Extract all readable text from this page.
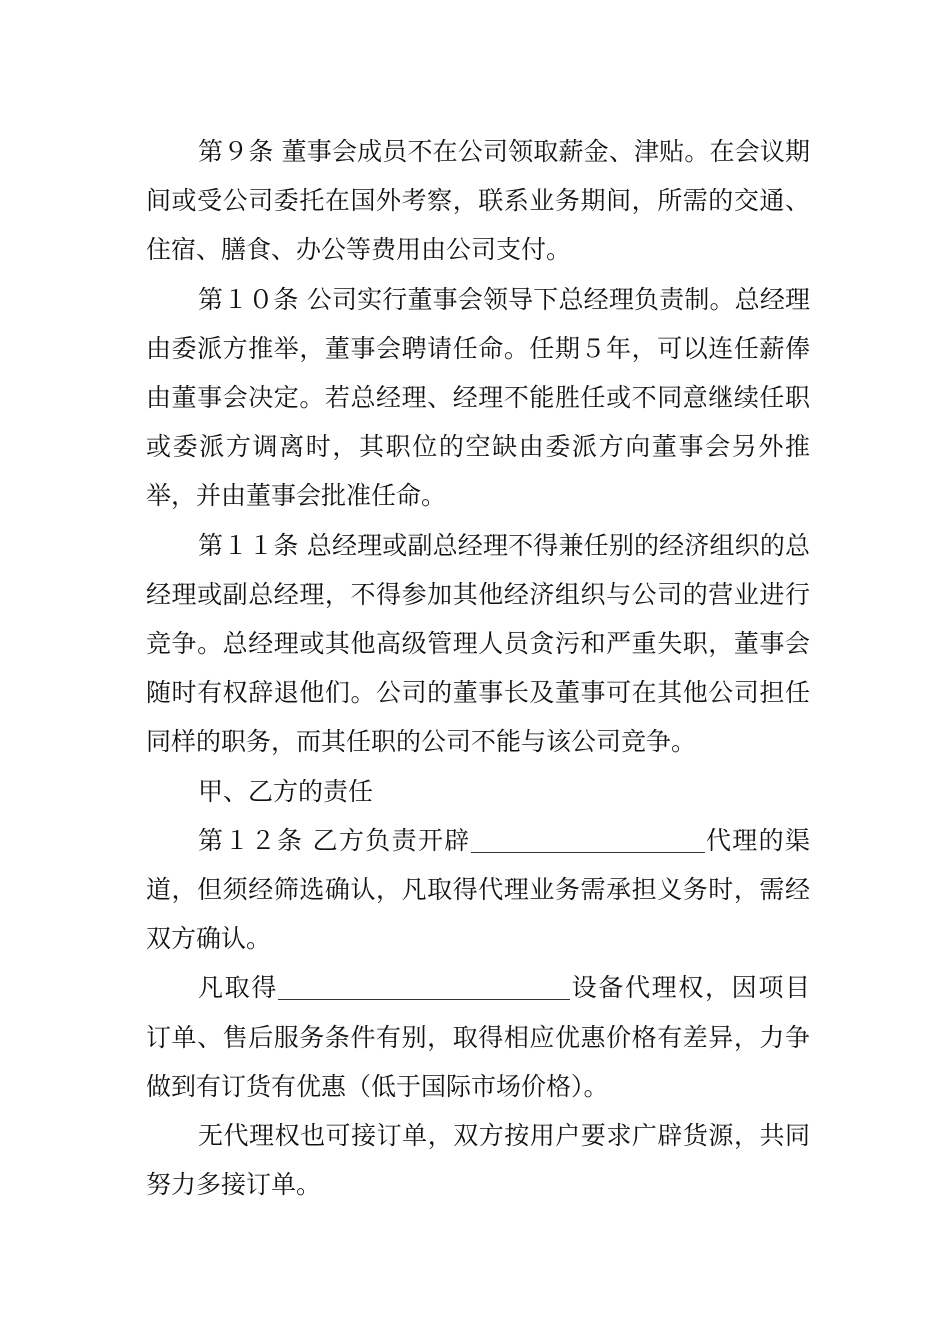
第９条 董事会成员不在公司领取薪金、津贴。在会议期间或受公司委托在国外考察，联系业务期间，所需的交通、住宿、膳食、办公等费用由公司支付。

第１０条 公司实行董事会领导下总经理负责制。总经理由委派方推举，董事会聘请任命。任期５年，可以连任薪俸由董事会决定。若总经理、经理不能胜任或不同意继续任职或委派方调离时，其职位的空缺由委派方向董事会另外推举，并由董事会批准任命。

第１１条 总经理或副总经理不得兼任别的经济组织的总经理或副总经理，不得参加其他经济组织与公司的营业进行竞争。总经理或其他高级管理人员贪污和严重失职，董事会随时有权辞退他们。公司的董事长及董事可在其他公司担任同样的职务，而其任职的公司不能与该公司竞争。

甲、乙方的责任

第１２条 乙方负责开辟	代理的渠道，但须经筛选确认，凡取得代理业务需承担义务时，需经双方确认。

凡取得	设备代理权，因项目订单、售后服务条件有别，取得相应优惠价格有差异，力争做到有订货有优惠（低于国际市场价格）。

无代理权也可接订单，双方按用户要求广辟货源，共同努力多接订单。
